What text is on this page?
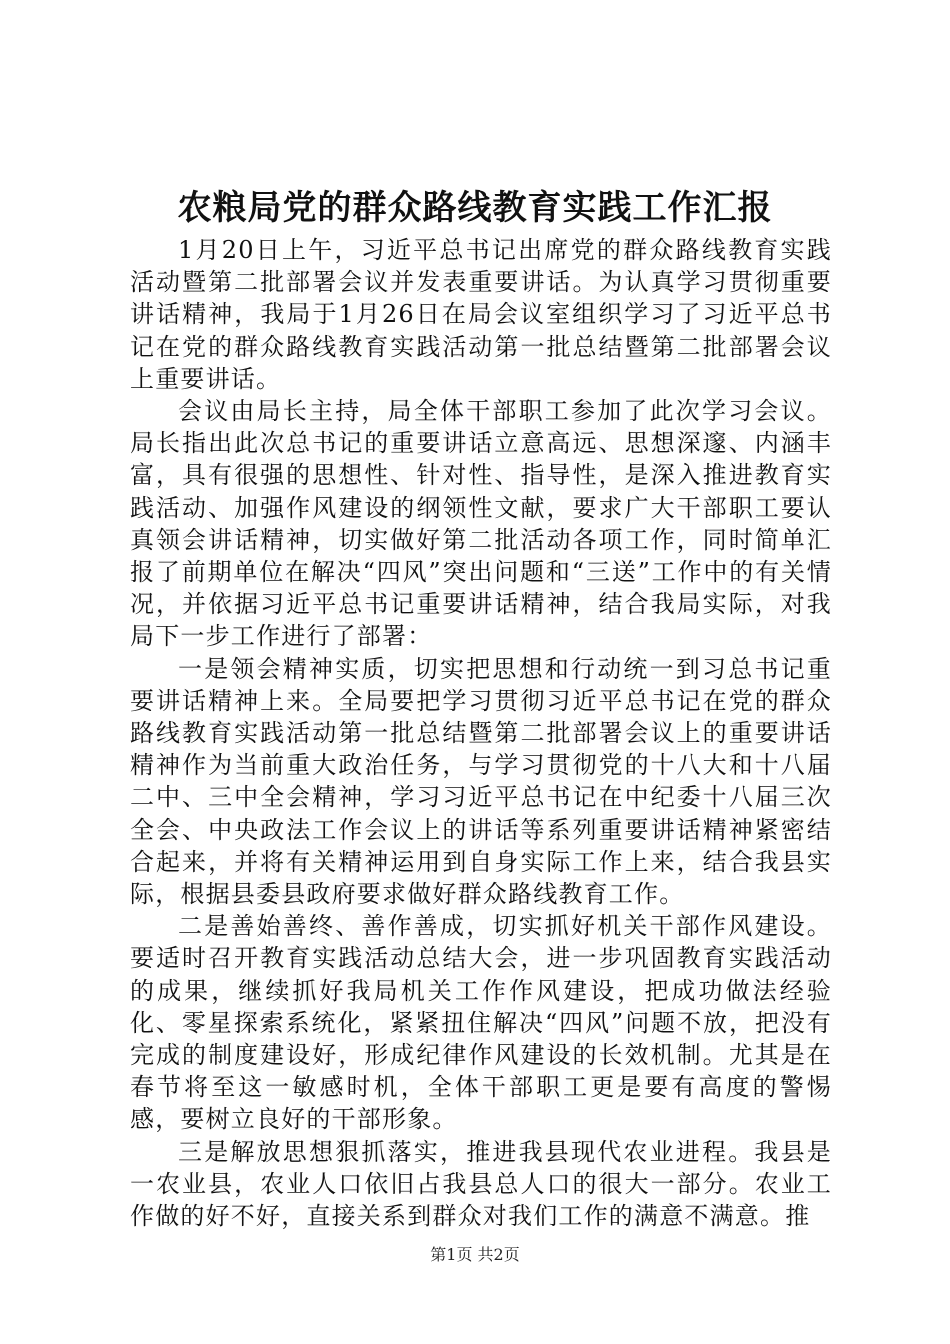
农粮局党的群众路线教育实践工作汇报

1月20日上午，习近平总书记出席党的群众路线教育实践活动暨第二批部署会议并发表重要讲话。为认真学习贯彻重要讲话精神，我局于1月26日在局会议室组织学习了习近平总书记在党的群众路线教育实践活动第一批总结暨第二批部署会议上重要讲话。

会议由局长主持，局全体干部职工参加了此次学习会议。局长指出此次总书记的重要讲话立意高远、思想深邃、内涵丰富，具有很强的思想性、针对性、指导性，是深入推进教育实践活动、加强作风建设的纲领性文献，要求广大干部职工要认真领会讲话精神，切实做好第二批活动各项工作，同时简单汇报了前期单位在解决“四风”突出问题和“三送”工作中的有关情况，并依据习近平总书记重要讲话精神，结合我局实际，对我局下一步工作进行了部署：

一是领会精神实质，切实把思想和行动统一到习总书记重要讲话精神上来。全局要把学习贯彻习近平总书记在党的群众路线教育实践活动第一批总结暨第二批部署会议上的重要讲话精神作为当前重大政治任务，与学习贯彻党的十八大和十八届二中、三中全会精神，学习习近平总书记在中纪委十八届三次全会、中央政法工作会议上的讲话等系列重要讲话精神紧密结合起来，并将有关精神运用到自身实际工作上来，结合我县实际，根据县委县政府要求做好群众路线教育工作。

二是善始善终、善作善成，切实抓好机关干部作风建设。要适时召开教育实践活动总结大会，进一步巩固教育实践活动的成果，继续抓好我局机关工作作风建设，把成功做法经验化、零星探索系统化，紧紧扭住解决“四风”问题不放，把没有完成的制度建设好，形成纪律作风建设的长效机制。尤其是在春节将至这一敏感时机，全体干部职工更是要有高度的警惕感，要树立良好的干部形象。

三是解放思想狠抓落实，推进我县现代农业进程。我县是一农业县，农业人口依旧占我县总人口的很大一部分。农业工作做的好不好，直接关系到群众对我们工作的满意不满意。推

第1页 共2页
